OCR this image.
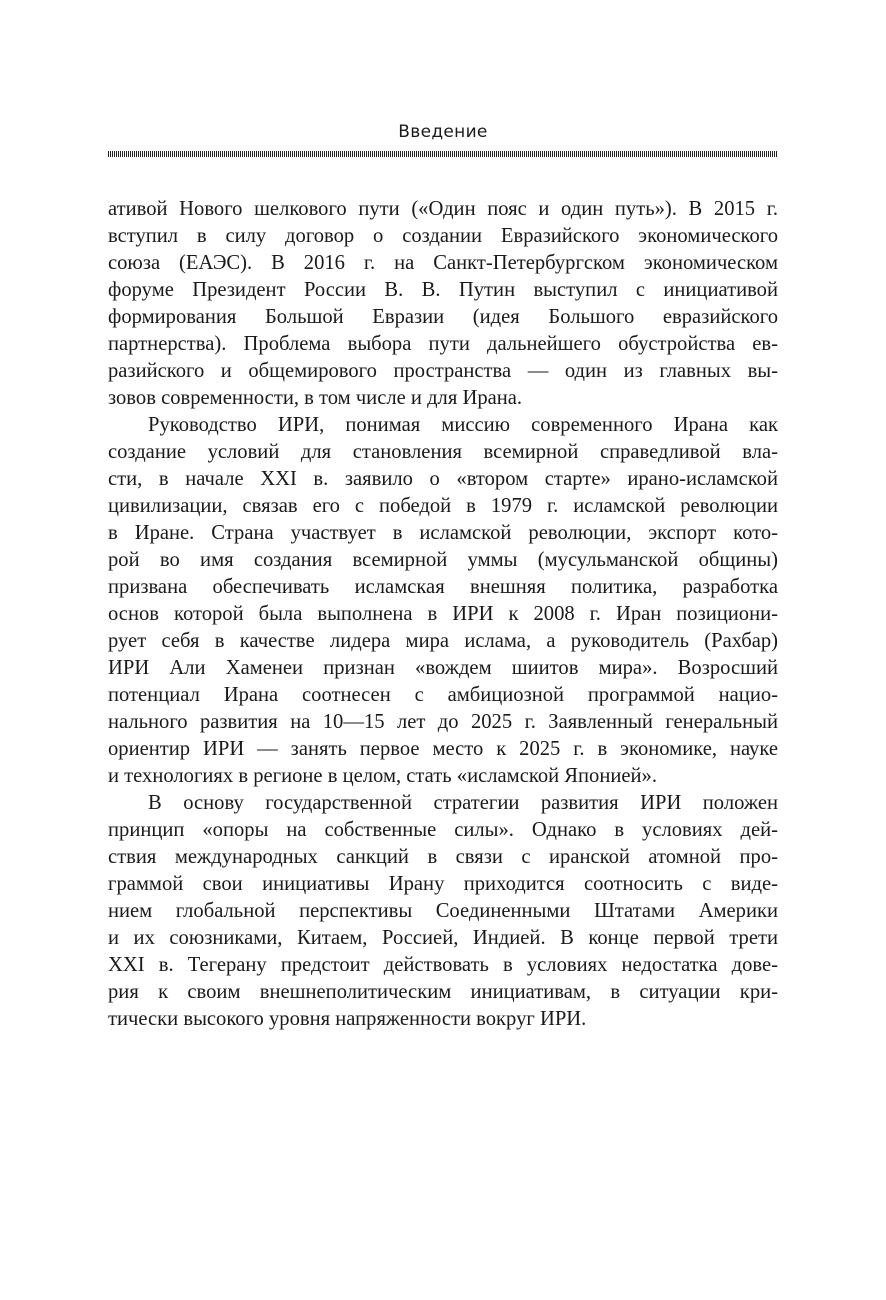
Введение

ативой Нового шелкового пути («Один пояс и один путь»). В 2015 г.
вступил в силу договор о создании Евразийского экономического
союза (ЕАЭС). В 2016 г. на Санкт-Петербургском экономическом
форуме Президент России В. В. Путин выступил с инициативой
формирования Большой Евразии (идея Большого евразийского
партнерства). Проблема выбора пути дальнейшего обустройства ев-
разийского и общемирового пространства — один из главных вы-
зовов современности, в том числе и для Ирана.

Руководство ИРИ, понимая миссию современного Ирана как
создание условий для становления всемирной справедливой вла-
сти, в начале XXI в. заявило о «втором старте» ирано-исламской
цивилизации, связав его с победой в 1979 г. исламской революции
в Иране. Страна участвует в исламской революции, экспорт кото-
рой во имя создания всемирной уммы (мусульманской общины)
призвана обеспечивать исламская внешняя политика, разработка
основ которой была выполнена в ИРИ к 2008 г. Иран позициони-
рует себя в качестве лидера мира ислама, а руководитель (Рахбар)
ИРИ Али Хаменеи признан «вождем шиитов мира». Возросший
потенциал Ирана соотнесен с амбициозной программой нацио-
нального развития на 10—15 лет до 2025 г. Заявленный генеральный
ориентир ИРИ — занять первое место к 2025 г. в экономике, науке
и технологиях в регионе в целом, стать «исламской Японией».

В основу государственной стратегии развития ИРИ положен
принцип «опоры на собственные силы». Однако в условиях дей-
ствия международных санкций в связи с иранской атомной про-
граммой свои инициативы Ирану приходится соотносить с виде-
нием глобальной перспективы Соединенными Штатами Америки
и их союзниками, Китаем, Россией, Индией. В конце первой трети
XXI в. Тегерану предстоит действовать в условиях недостатка дове-
рия к своим внешнеполитическим инициативам, в ситуации кри-
тически высокого уровня напряженности вокруг ИРИ.
